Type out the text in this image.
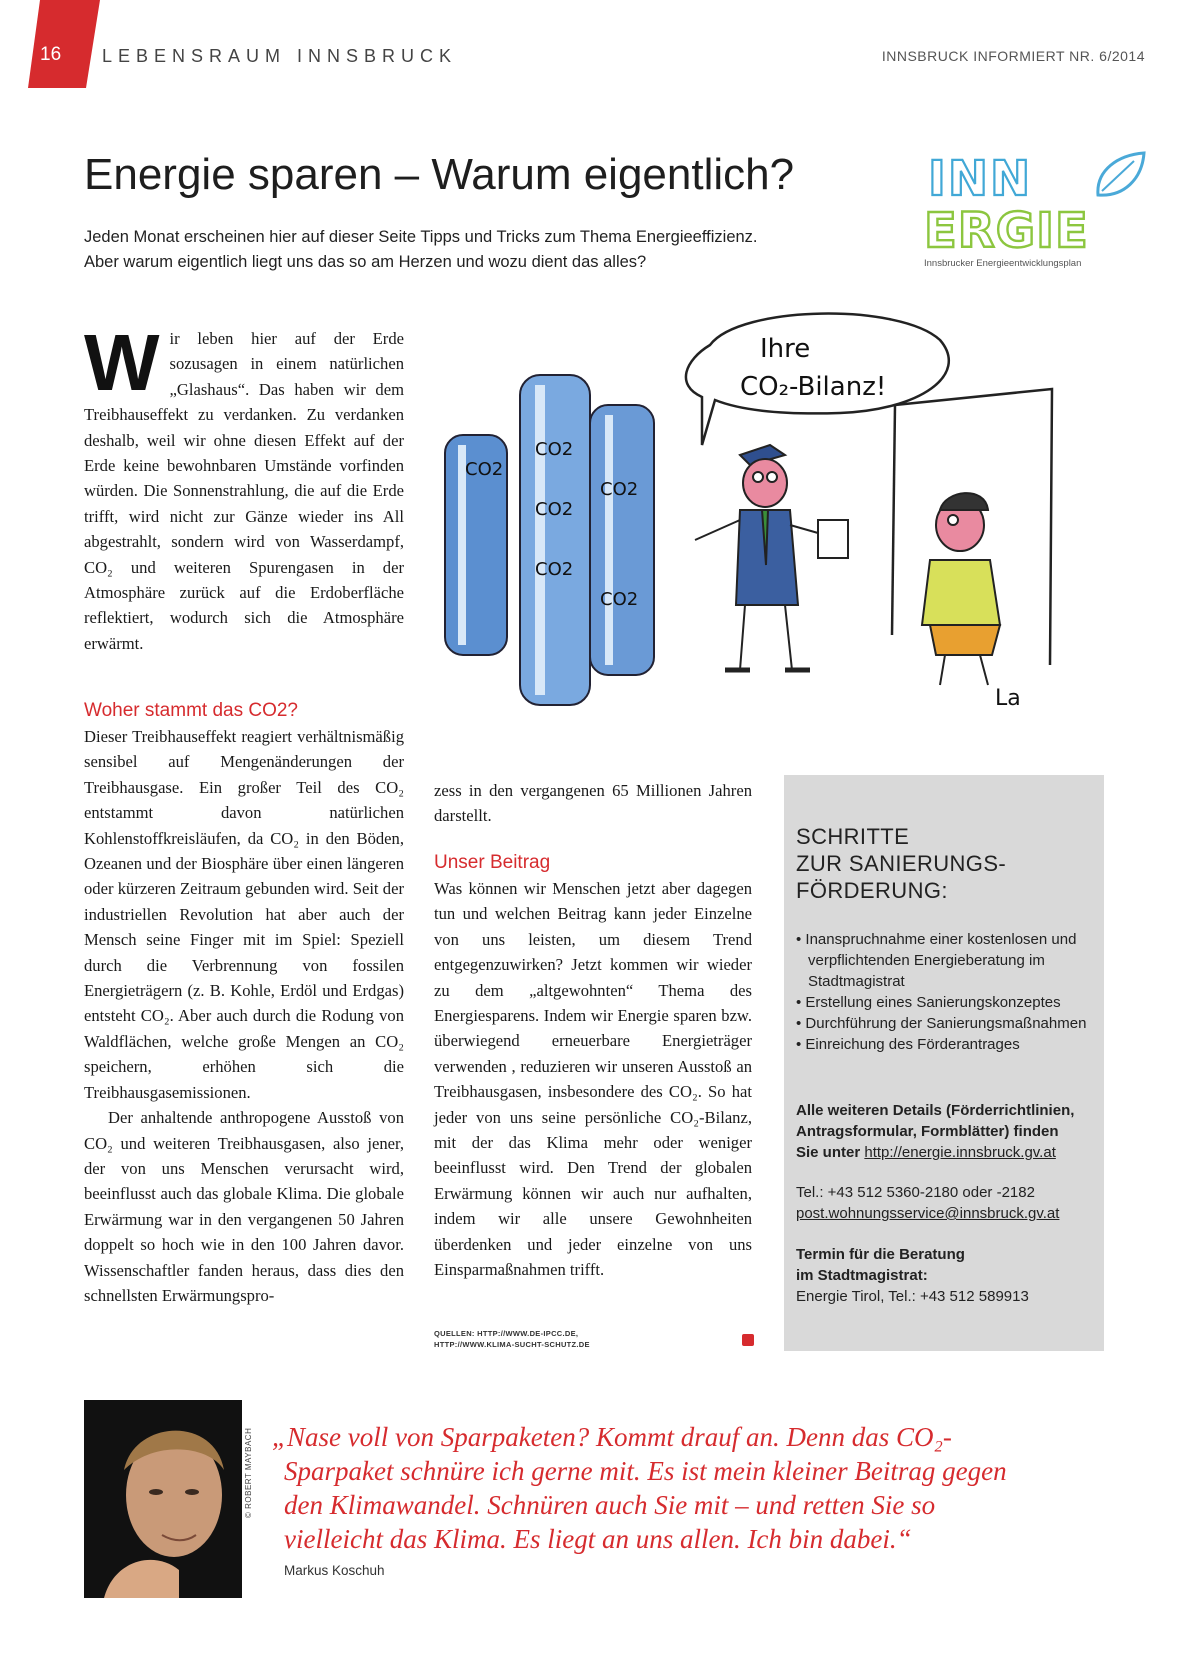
16 LEBENSRAUM INNSBRUCK	INNSBRUCK INFORMIERT NR. 6/2014
Energie sparen – Warum eigentlich?
Jeden Monat erscheinen hier auf dieser Seite Tipps und Tricks zum Thema Energieeffizienz.
Aber warum eigentlich liegt uns das so am Herzen und wozu dient das alles?
INN
ERGIE
Innsbrucker Energieentwicklungsplan
W ir leben hier auf der Erde sozusagen in einem natürlichen „Glashaus“. Das haben wir dem Treibhauseffekt zu verdanken. Zu verdanken deshalb, weil wir ohne diesen Effekt auf der Erde keine bewohnbaren Umstände vorfinden würden. Die Sonnenstrahlung, die auf die Erde trifft, wird nicht zur Gänze wieder ins All abgestrahlt, sondern wird von Wasserdampf, CO₂ und weiteren Spurengasen in der Atmosphäre zurück auf die Erdoberfläche reflektiert, wodurch sich die Atmosphäre erwärmt.

Woher stammt das CO2?

Dieser Treibhauseffekt reagiert verhältnismäßig sensibel auf Mengenänderungen der Treibhausgase. Ein großer Teil des CO₂ entstammt davon natürlichen Kohlenstoffkreisläufen, da CO₂ in den Böden, Ozeanen und der Biosphäre über einen längeren oder kürzeren Zeitraum gebunden wird. Seit der industriellen Revolution hat aber auch der Mensch seine Finger mit im Spiel: Speziell durch die Verbrennung von fossilen Energieträgern (z. B. Kohle, Erdöl und Erdgas) entsteht CO₂. Aber auch durch die Rodung von Waldflächen, welche große Mengen an CO₂ speichern, erhöhen sich die Treibhausgasemissionen.

Der anhaltende anthropogene Ausstoß von CO₂ und weiteren Treibhausgasen, also jener, der von uns Menschen verursacht wird, beeinflusst auch das globale Klima. Die globale Erwärmung war in den vergangenen 50 Jahren doppelt so hoch wie in den 100 Jahren davor. Wissenschaftler fanden heraus, dass dies den schnellsten Erwärmungspro-

Ihre
CO₂-Bilanz!
CO2
CO2
CO2
CO2
CO2
CO2
La

zess in den vergangenen 65 Millionen Jahren darstellt.

Unser Beitrag

Was können wir Menschen jetzt aber dagegen tun und welchen Beitrag kann jeder Einzelne von uns leisten, um diesem Trend entgegenzuwirken? Jetzt kommen wir wieder zu dem „altgewohnten“ Thema des Energiesparens. Indem wir Energie sparen bzw. überwiegend erneuerbare Energieträger verwenden , reduzieren wir unseren Ausstoß an Treibhausgasen, insbesondere des CO₂. So hat jeder von uns seine persönliche CO₂-Bilanz, mit der das Klima mehr oder weniger beeinflusst wird. Den Trend der globalen Erwärmung können wir auch nur aufhalten, indem wir alle unsere Gewohnheiten überdenken und jeder einzelne von uns Einsparmaßnahmen trifft.

QUELLEN: HTTP://WWW.DE-IPCC.DE,
HTTP://WWW.KLIMA-SUCHT-SCHUTZ.DE
SCHRITTE
ZUR SANIERUNGS-
FÖRDERUNG:
• Inanspruchnahme einer kostenlosen und verpflichtenden Energieberatung im Stadtmagistrat
• Erstellung eines Sanierungskonzeptes
• Durchführung der Sanierungsmaßnahmen
• Einreichung des Förderantrages

Alle weiteren Details (Förderrichtlinien,
Antragsformular, Formblätter) finden
Sie unter http://energie.innsbruck.gv.at

Tel.: +43 512 5360-2180 oder -2182
post.wohnungsservice@innsbruck.gv.at

Termin für die Beratung
im Stadtmagistrat:
Energie Tirol, Tel.: +43 512 589913

© ROBERT MAYBACH „Nase voll von Sparpaketen? Kommt drauf an. Denn das CO₂-
Sparpaket schnüre ich gerne mit. Es ist mein kleiner Beitrag gegen
den Klimawandel. Schnüren auch Sie mit – und retten Sie so
vielleicht das Klima. Es liegt an uns allen. Ich bin dabei.“
Markus Koschuh
